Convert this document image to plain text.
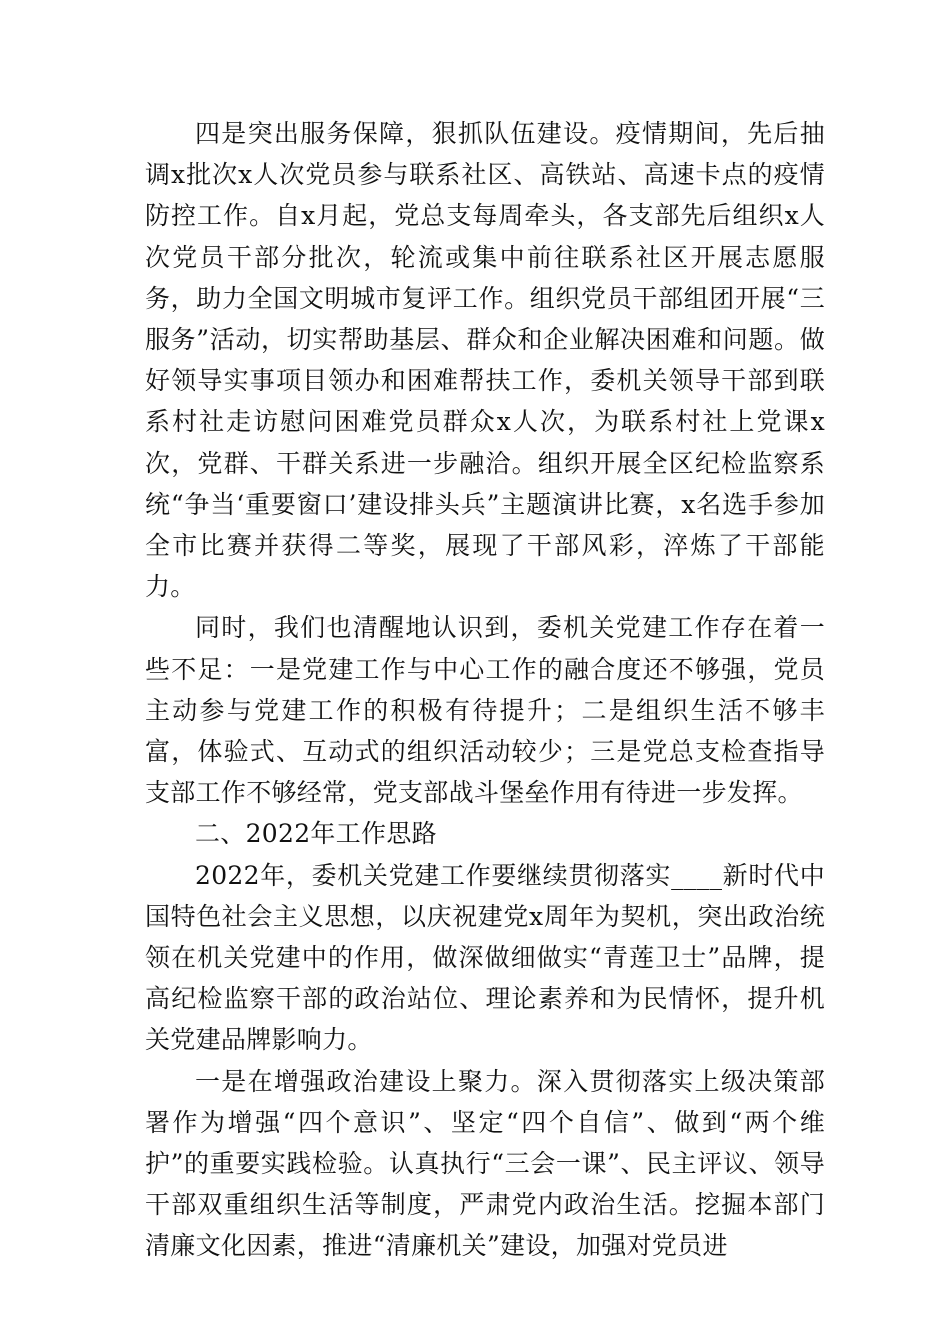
四是突出服务保障，狠抓队伍建设。疫情期间，先后抽调x批次x人次党员参与联系社区、高铁站、高速卡点的疫情防控工作。自x月起，党总支每周牵头，各支部先后组织x人次党员干部分批次，轮流或集中前往联系社区开展志愿服务，助力全国文明城市复评工作。组织党员干部组团开展“三服务”活动，切实帮助基层、群众和企业解决困难和问题。做好领导实事项目领办和困难帮扶工作，委机关领导干部到联系村社走访慰问困难党员群众x人次，为联系村社上党课x次，党群、干群关系进一步融洽。组织开展全区纪检监察系统“争当‘重要窗口’建设排头兵”主题演讲比赛，x名选手参加全市比赛并获得二等奖，展现了干部风彩，淬炼了干部能力。

同时，我们也清醒地认识到，委机关党建工作存在着一些不足：一是党建工作与中心工作的融合度还不够强，党员主动参与党建工作的积极有待提升；二是组织生活不够丰富，体验式、互动式的组织活动较少；三是党总支检查指导支部工作不够经常，党支部战斗堡垒作用有待进一步发挥。

二、2022年工作思路

2022年，委机关党建工作要继续贯彻落实____新时代中国特色社会主义思想，以庆祝建党x周年为契机，突出政治统领在机关党建中的作用，做深做细做实“青莲卫士”品牌，提高纪检监察干部的政治站位、理论素养和为民情怀，提升机关党建品牌影响力。

一是在增强政治建设上聚力。深入贯彻落实上级决策部署作为增强“四个意识”、坚定“四个自信”、做到“两个维护”的重要实践检验。认真执行“三会一课”、民主评议、领导干部双重组织生活等制度，严肃党内政治生活。挖掘本部门清廉文化因素，推进“清廉机关”建设，加强对党员进
